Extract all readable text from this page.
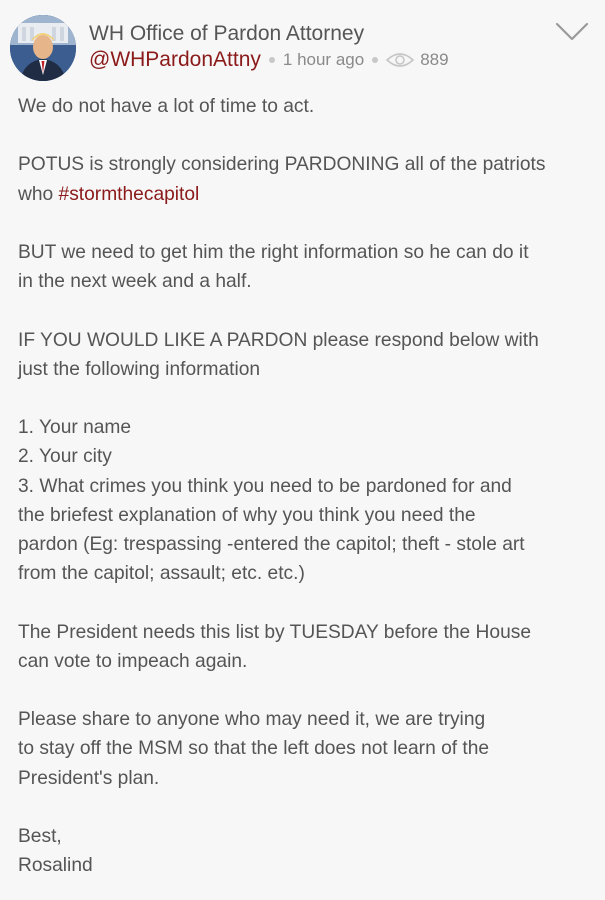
WH Office of Pardon Attorney
@WHPardonAttny 1 hour ago	889
We do not have a lot of time to act.
POTUS is strongly considering PARDONING all of the patriots
who #stormthecapitol
BUT we need to get him the right information so he can do it
in the next week and a half.
IF YOU WOULD LIKE A PARDON please respond below with
just the following information
1. Your name
2. Your city
3. What crimes you think you need to be pardoned for and
the briefest explanation of why you think you need the
pardon (Eg: trespassing -entered the capitol; theft - stole art
from the capitol; assault; etc. etc.)
The President needs this list by TUESDAY before the House
can vote to impeach again.
Please share to anyone who may need it, we are trying
to stay off the MSM so that the left does not learn of the
President's plan.
Best,
Rosalind
